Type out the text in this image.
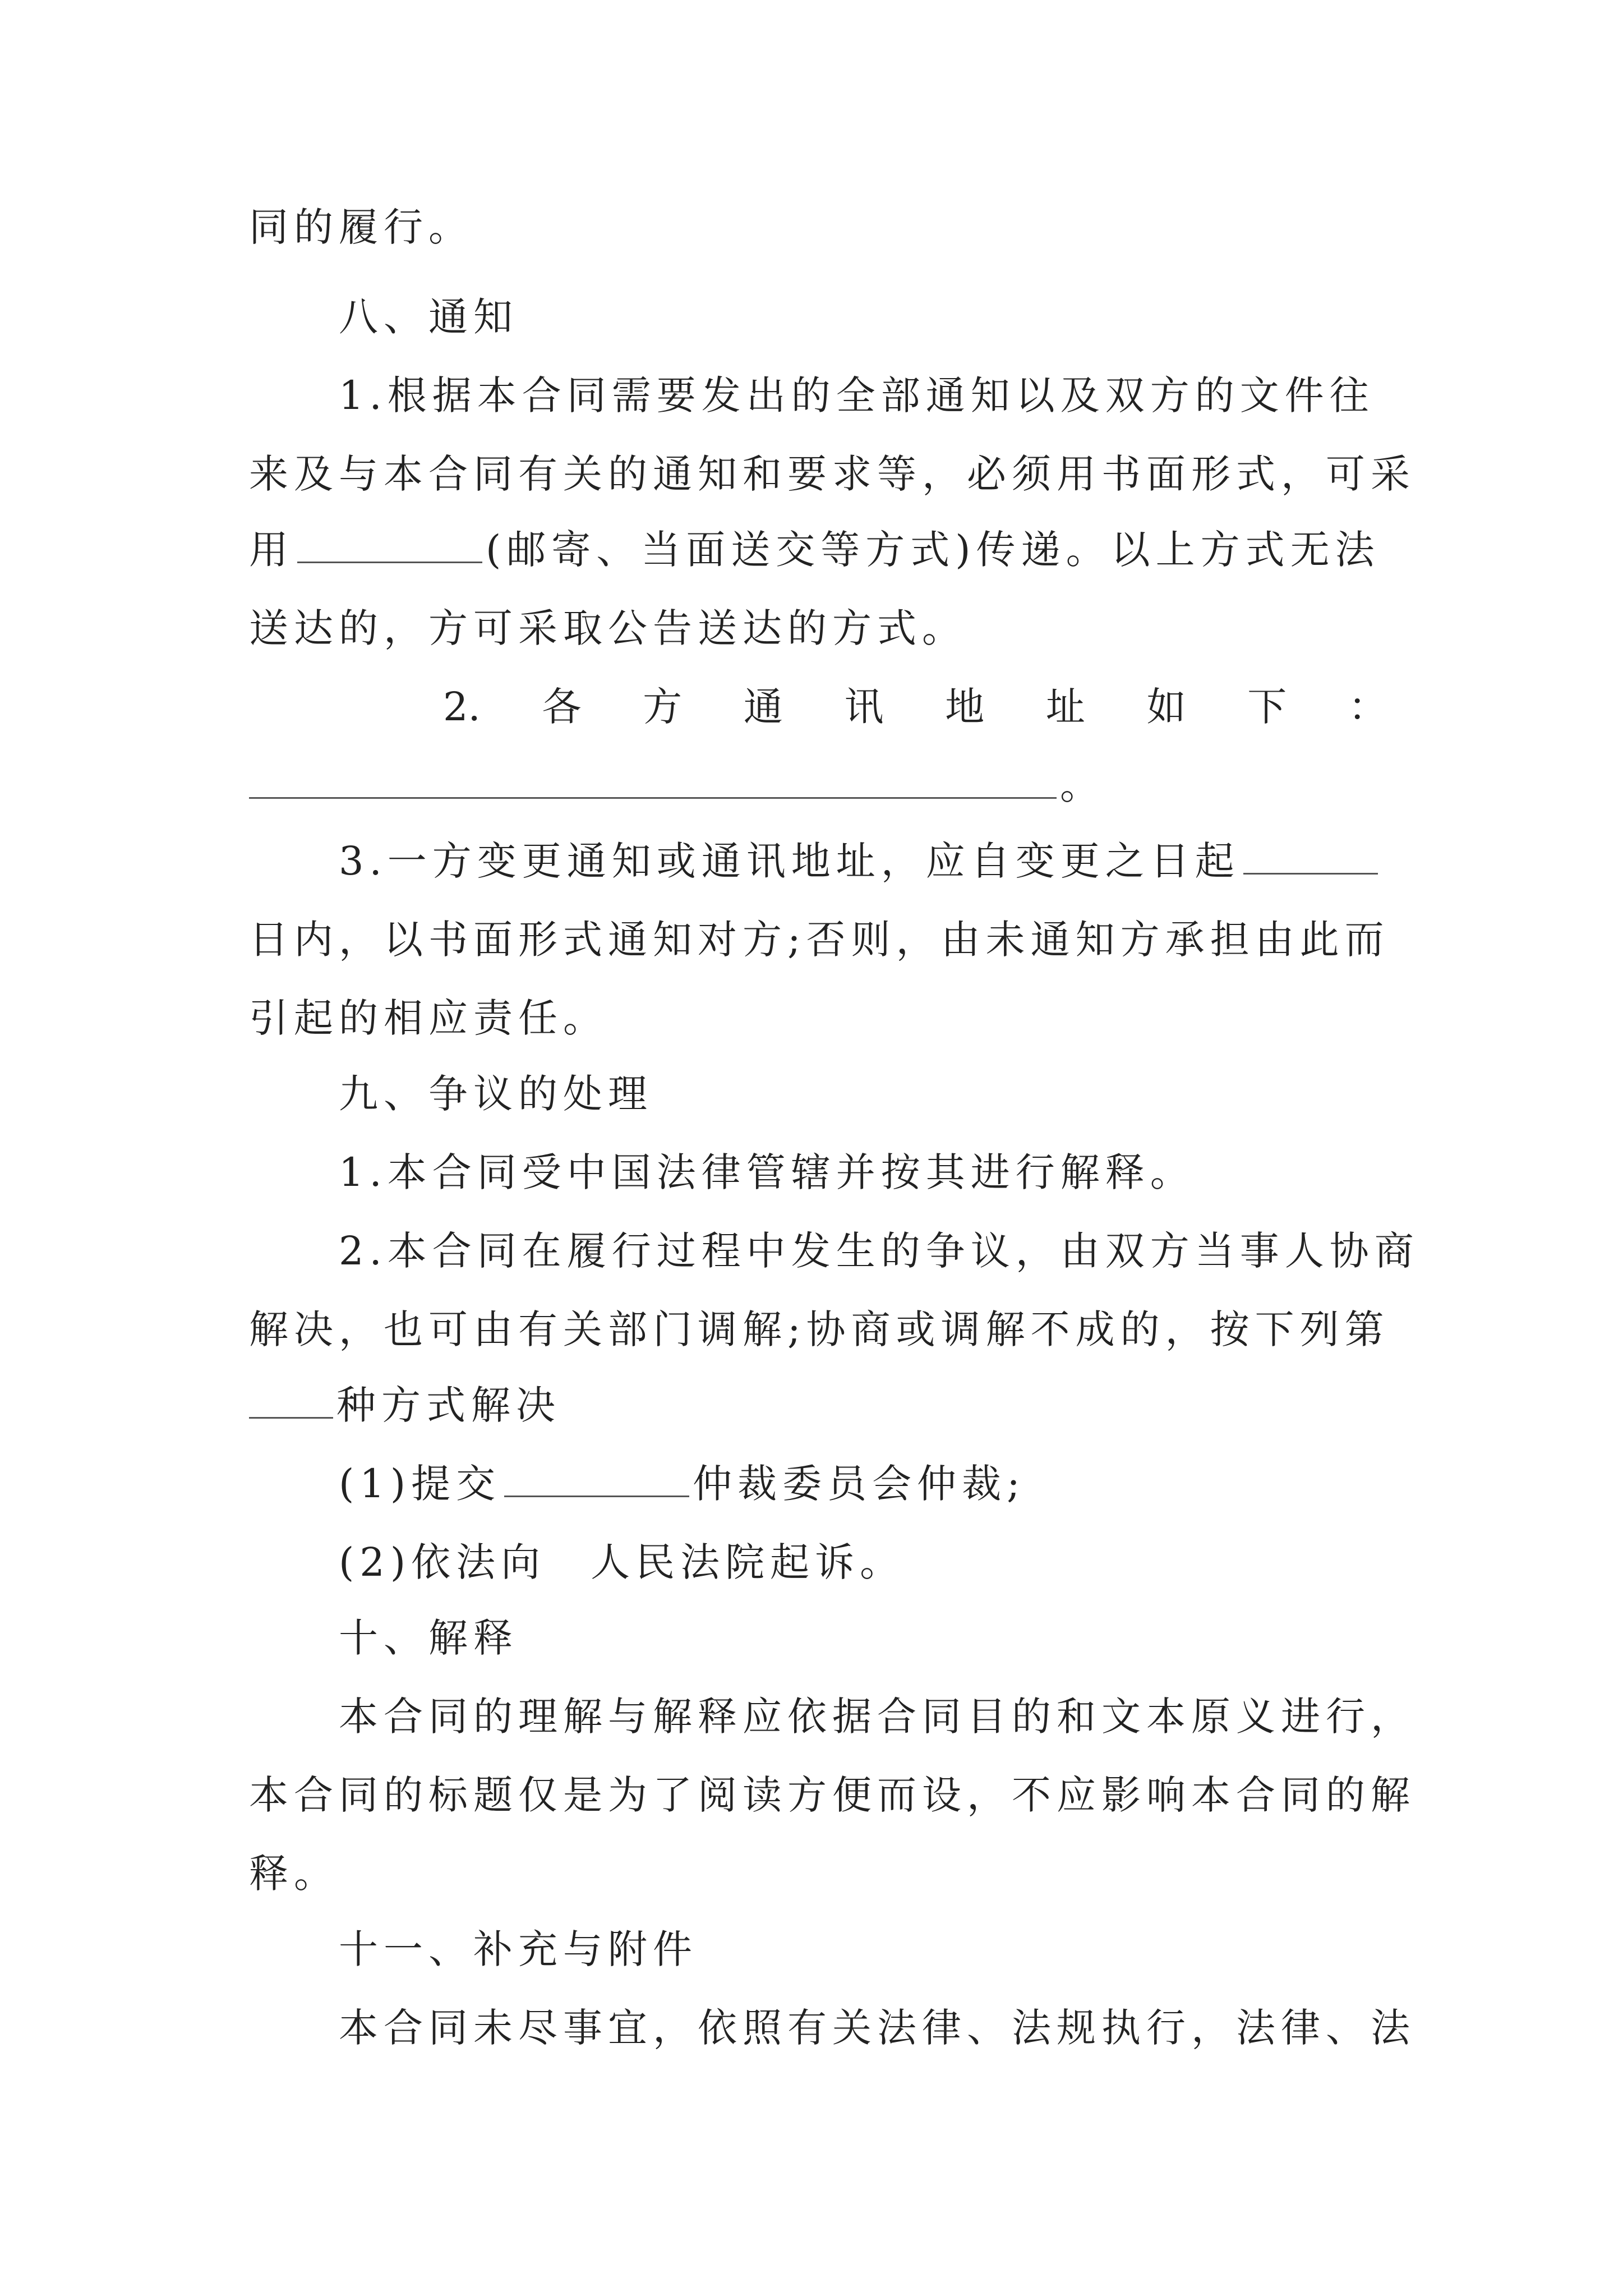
同的履行。
八、通知
1.根据本合同需要发出的全部通知以及双方的文件往
来及与本合同有关的通知和要求等，必须用书面形式，可采
用	(邮寄、当面送交等方式)传递。以上方式无法
送达的，方可采取公告送达的方式。
2. 各 方 通 讯 地 址 如 下 ：
。
3.一方变更通知或通讯地址，应自变更之日起
日内，以书面形式通知对方;否则，由未通知方承担由此而
引起的相应责任。
九、争议的处理
1.本合同受中国法律管辖并按其进行解释。
2.本合同在履行过程中发生的争议，由双方当事人协商
解决，也可由有关部门调解;协商或调解不成的，按下列第
种方式解决
(1)提交	仲裁委员会仲裁;
(2)依法向　人民法院起诉。
十、解释
本合同的理解与解释应依据合同目的和文本原义进行，
本合同的标题仅是为了阅读方便而设，不应影响本合同的解
释。
十一、补充与附件
本合同未尽事宜，依照有关法律、法规执行，法律、法
